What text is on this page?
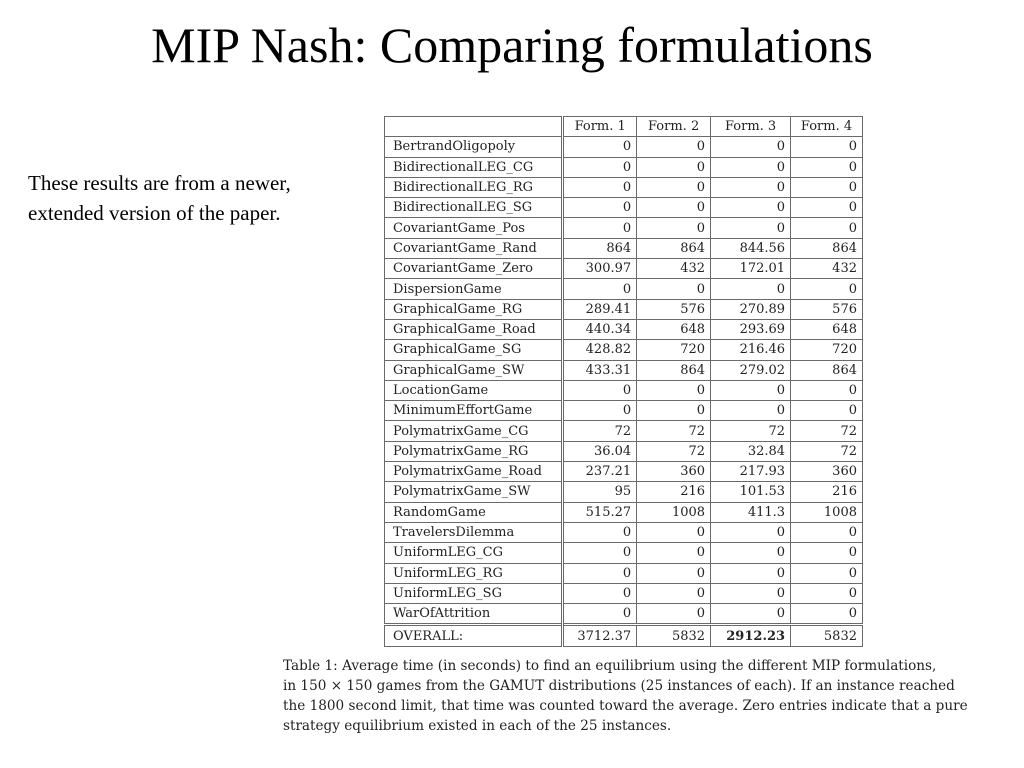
MIP Nash: Comparing formulations

These results are from a newer,
extended version of the paper.

	Form. 1	Form. 2	Form. 3	Form. 4
BertrandOligopoly	0	0	0	0
BidirectionalLEG_CG	0	0	0	0
BidirectionalLEG_RG	0	0	0	0
BidirectionalLEG_SG	0	0	0	0
CovariantGame_Pos	0	0	0	0
CovariantGame_Rand	864	864	844.56	864
CovariantGame_Zero	300.97	432	172.01	432
DispersionGame	0	0	0	0
GraphicalGame_RG	289.41	576	270.89	576
GraphicalGame_Road	440.34	648	293.69	648
GraphicalGame_SG	428.82	720	216.46	720
GraphicalGame_SW	433.31	864	279.02	864
LocationGame	0	0	0	0
MinimumEffortGame	0	0	0	0
PolymatrixGame_CG	72	72	72	72
PolymatrixGame_RG	36.04	72	32.84	72
PolymatrixGame_Road	237.21	360	217.93	360
PolymatrixGame_SW	95	216	101.53	216
RandomGame	515.27	1008	411.3	1008
TravelersDilemma	0	0	0	0
UniformLEG_CG	0	0	0	0
UniformLEG_RG	0	0	0	0
UniformLEG_SG	0	0	0	0
WarOfAttrition	0	0	0	0
OVERALL:	3712.37	5832	2912.23	5832

Table 1: Average time (in seconds) to find an equilibrium using the different MIP formulations,
in 150 × 150 games from the GAMUT distributions (25 instances of each). If an instance reached
the 1800 second limit, that time was counted toward the average. Zero entries indicate that a pure
strategy equilibrium existed in each of the 25 instances.
